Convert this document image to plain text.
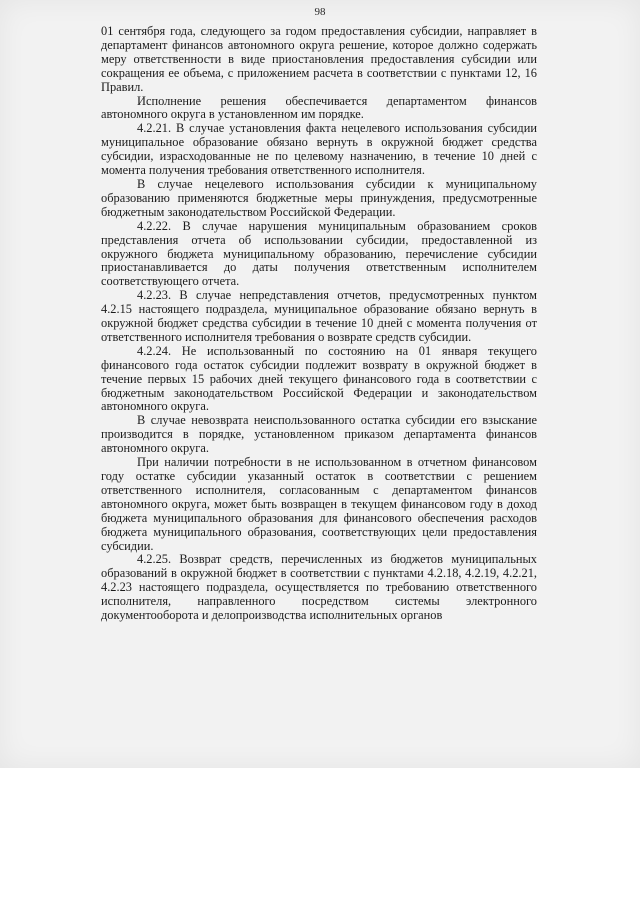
98

01 сентября года, следующего за годом предоставления субсидии, направляет в департамент финансов автономного округа решение, которое должно содержать меру ответственности в виде приостановления предоставления субсидии или сокращения ее объема, с приложением расчета в соответствии с пунктами 12, 16 Правил.

Исполнение решения обеспечивается департаментом финансов автономного округа в установленном им порядке.

4.2.21. В случае установления факта нецелевого использования субсидии муниципальное образование обязано вернуть в окружной бюджет средства субсидии, израсходованные не по целевому назначению, в течение 10 дней с момента получения требования ответственного исполнителя.

В случае нецелевого использования субсидии к муниципальному образованию применяются бюджетные меры принуждения, предусмотренные бюджетным законодательством Российской Федерации.

4.2.22. В случае нарушения муниципальным образованием сроков представления отчета об использовании субсидии, предоставленной из окружного бюджета муниципальному образованию, перечисление субсидии приостанавливается до даты получения ответственным исполнителем соответствующего отчета.

4.2.23. В случае непредставления отчетов, предусмотренных пунктом 4.2.15 настоящего подраздела, муниципальное образование обязано вернуть в окружной бюджет средства субсидии в течение 10 дней с момента получения от ответственного исполнителя требования о возврате средств субсидии.

4.2.24. Не использованный по состоянию на 01 января текущего финансового года остаток субсидии подлежит возврату в окружной бюджет в течение первых 15 рабочих дней текущего финансового года в соответствии с бюджетным законодательством Российской Федерации и законодательством автономного округа.

В случае невозврата неиспользованного остатка субсидии его взыскание производится в порядке, установленном приказом департамента финансов автономного округа.

При наличии потребности в не использованном в отчетном финансовом году остатке субсидии указанный остаток в соответствии с решением ответственного исполнителя, согласованным с департаментом финансов автономного округа, может быть возвращен в текущем финансовом году в доход бюджета муниципального образования для финансового обеспечения расходов бюджета муниципального образования, соответствующих цели предоставления субсидии.

4.2.25. Возврат средств, перечисленных из бюджетов муниципальных образований в окружной бюджет в соответствии с пунктами 4.2.18, 4.2.19, 4.2.21, 4.2.23 настоящего подраздела, осуществляется по требованию ответственного исполнителя, направленного посредством системы электронного документооборота и делопроизводства исполнительных органов
